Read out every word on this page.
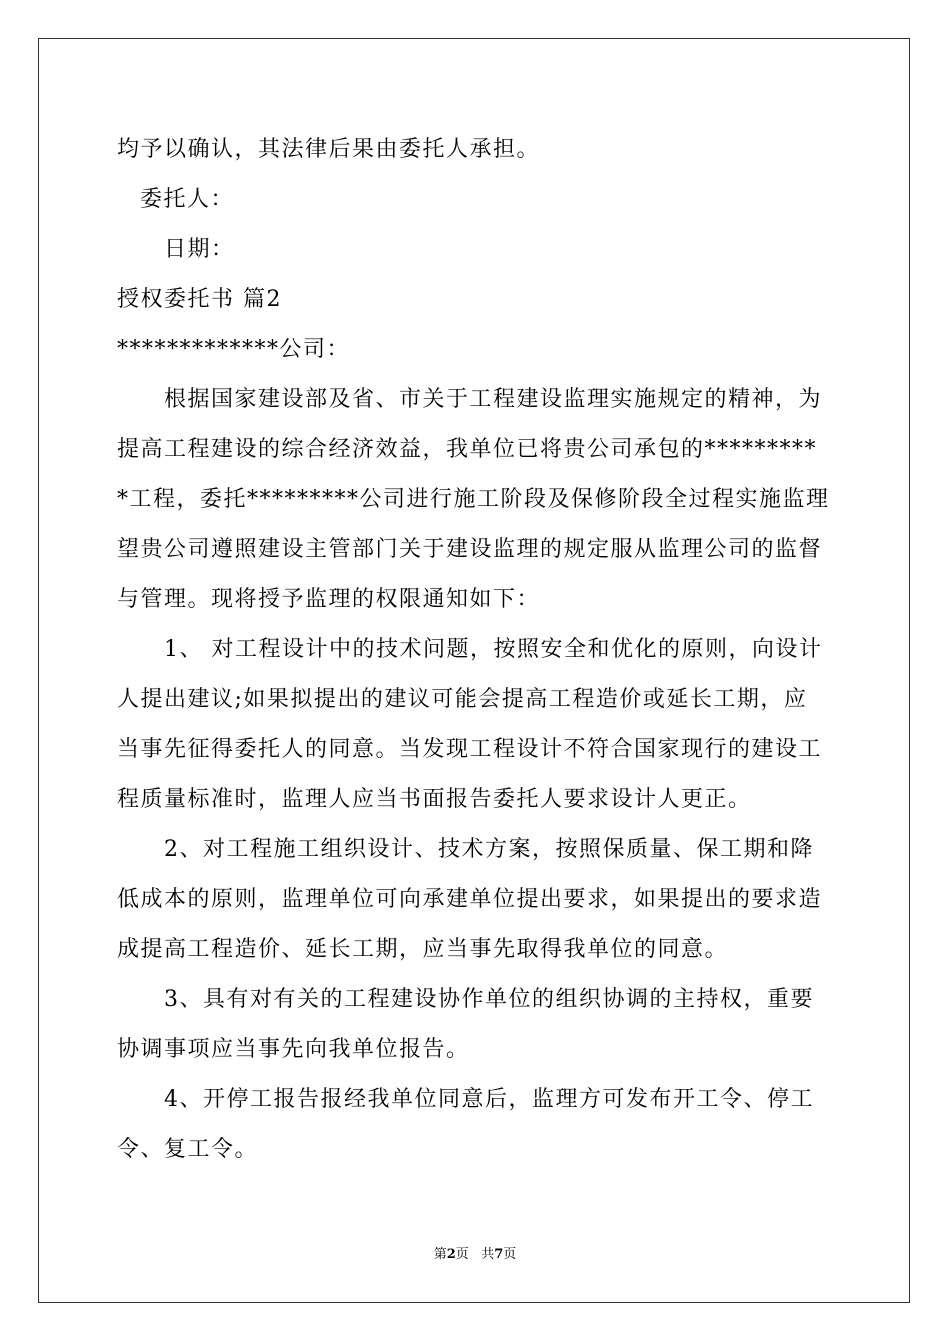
均予以确认，其法律后果由委托人承担。
委托人：
日期：
授权委托书 篇2
*************公司：
根据国家建设部及省、市关于工程建设监理实施规定的精神，为
提高工程建设的综合经济效益，我单位已将贵公司承包的*********
*工程，委托*********公司进行施工阶段及保修阶段全过程实施监理
望贵公司遵照建设主管部门关于建设监理的规定服从监理公司的监督
与管理。现将授予监理的权限通知如下：
1、 对工程设计中的技术问题，按照安全和优化的原则，向设计
人提出建议;如果拟提出的建议可能会提高工程造价或延长工期，应
当事先征得委托人的同意。当发现工程设计不符合国家现行的建设工
程质量标准时，监理人应当书面报告委托人要求设计人更正。
2、对工程施工组织设计、技术方案，按照保质量、保工期和降
低成本的原则，监理单位可向承建单位提出要求，如果提出的要求造
成提高工程造价、延长工期，应当事先取得我单位的同意。
3、具有对有关的工程建设协作单位的组织协调的主持权，重要
协调事项应当事先向我单位报告。
4、开停工报告报经我单位同意后，监理方可发布开工令、停工
令、复工令。
第2页 共7页
